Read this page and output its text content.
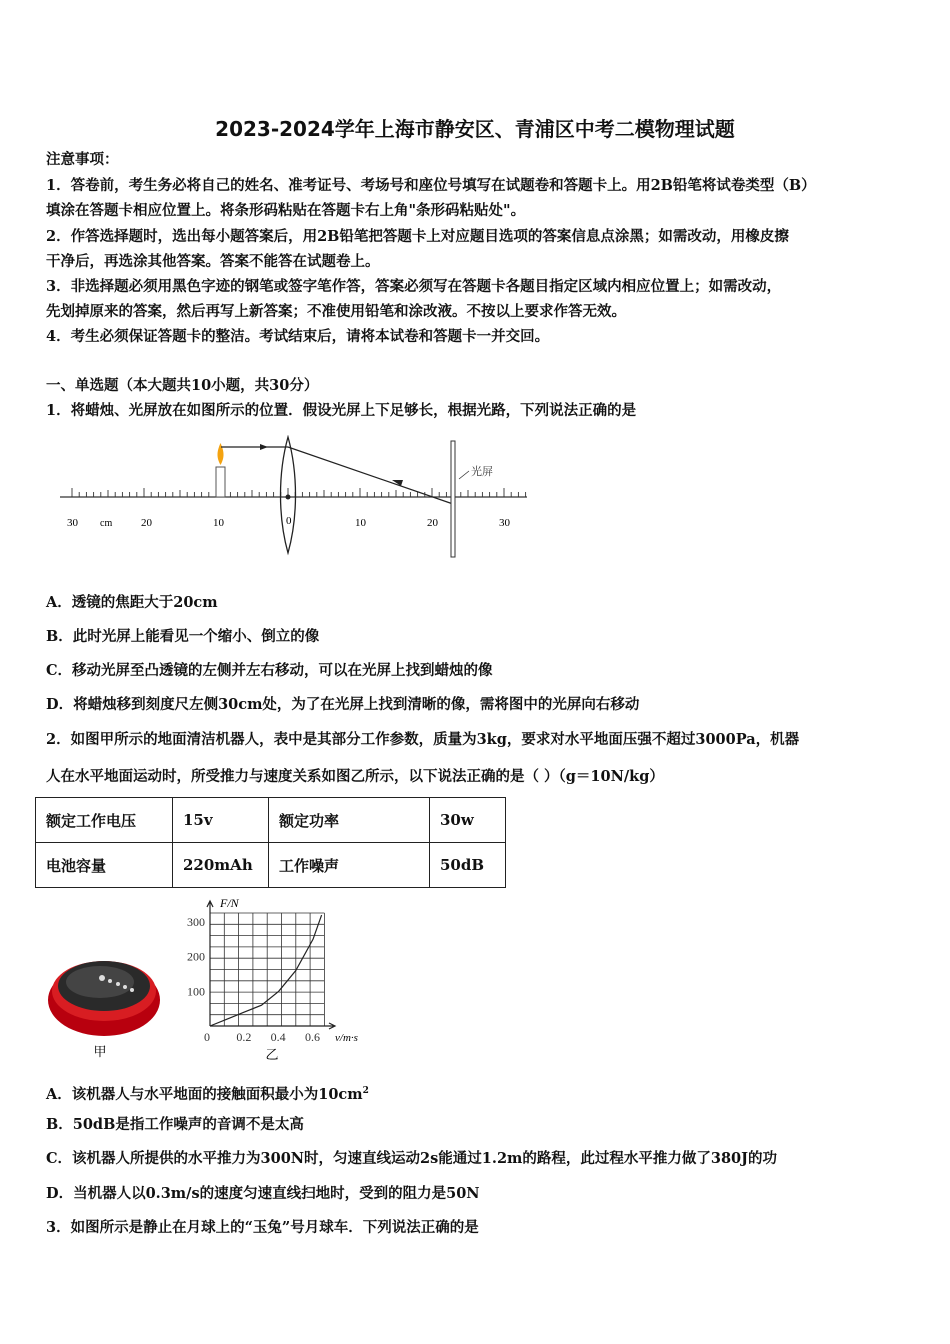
2023-2024学年上海市静安区、青浦区中考二模物理试题
注意事项：
1．答卷前，考生务必将自己的姓名、准考证号、考场号和座位号填写在试题卷和答题卡上。用2B铅笔将试卷类型（B）
填涂在答题卡相应位置上。将条形码粘贴在答题卡右上角"条形码粘贴处"。
2．作答选择题时，选出每小题答案后，用2B铅笔把答题卡上对应题目选项的答案信息点涂黑；如需改动，用橡皮擦
干净后，再选涂其他答案。答案不能答在试题卷上。
3．非选择题必须用黑色字迹的钢笔或签字笔作答，答案必须写在答题卡各题目指定区域内相应位置上；如需改动，
先划掉原来的答案，然后再写上新答案；不准使用铅笔和涂改液。不按以上要求作答无效。
4．考生必须保证答题卡的整洁。考试结束后，请将本试卷和答题卡一并交回。
一、单选题（本大题共10小题，共30分）
1．将蜡烛、光屏放在如图所示的位置．假设光屏上下足够长，根据光路，下列说法正确的是
光屏
30 cm	20	10	0	10	20	30
A．透镜的焦距大于20cm
B．此时光屏上能看见一个缩小、倒立的像
C．移动光屏至凸透镜的左侧并左右移动，可以在光屏上找到蜡烛的像
D．将蜡烛移到刻度尺左侧30cm处，为了在光屏上找到清晰的像，需将图中的光屏向右移动
2．如图甲所示的地面清洁机器人，表中是其部分工作参数，质量为3kg，要求对水平地面压强不超过3000Pa，机器
人在水平地面运动时，所受推力与速度关系如图乙所示，以下说法正确的是（ ）（g＝10N/kg）
额定工作电压	15v	额定功率	30w
电池容量	220mAh	工作噪声	50dB
甲
0 0.2 0.4 0.6
100
200
300
F/N
v/m·s
乙
A．该机器人与水平地面的接触面积最小为$10cm^2$
B．50dB是指工作噪声的音调不是太高
C．该机器人所提供的水平推力为300N时，匀速直线运动2s能通过1.2m的路程，此过程水平推力做了380J的功
D．当机器人以0.3m/s的速度匀速直线扫地时，受到的阻力是50N
3．如图所示是静止在月球上的“玉兔”号月球车．下列说法正确的是
